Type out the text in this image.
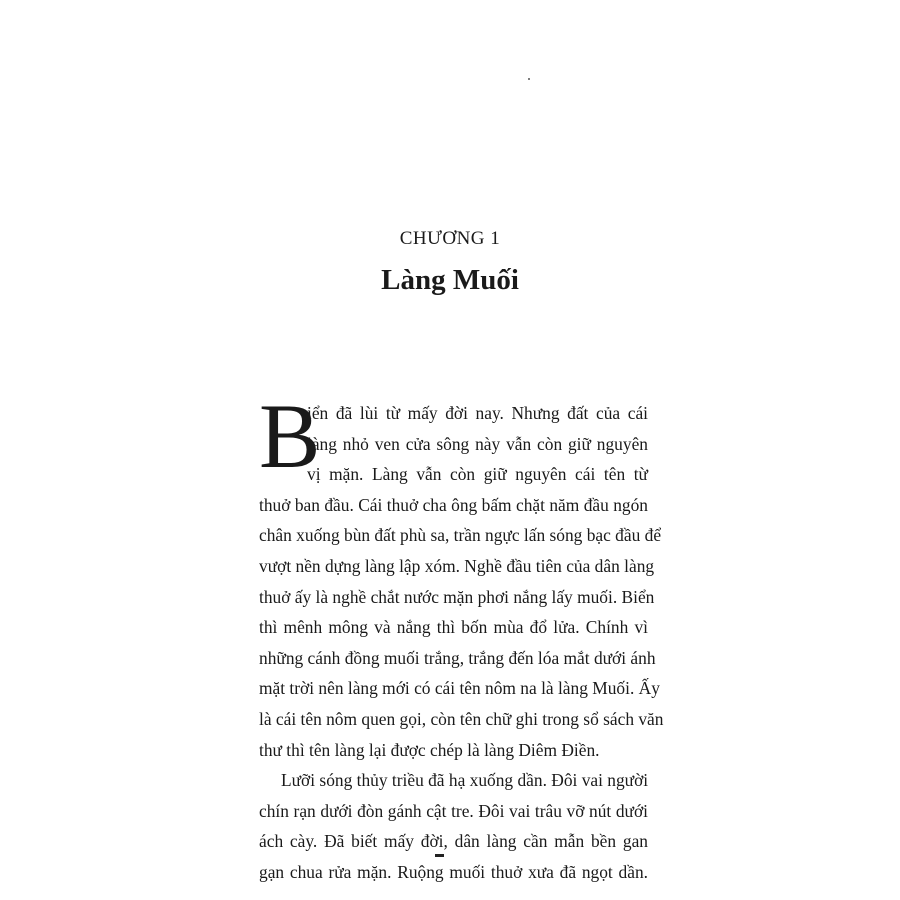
CHƯƠNG 1
Làng Muối
B
iển đã lùi từ mấy đời nay. Nhưng đất của cái
làng nhỏ ven cửa sông này vẫn còn giữ nguyên
vị mặn. Làng vẫn còn giữ nguyên cái tên từ
thuở ban đầu. Cái thuở cha ông bấm chặt năm đầu ngón
chân xuống bùn đất phù sa, trần ngực lấn sóng bạc đầu để
vượt nền dựng làng lập xóm. Nghề đầu tiên của dân làng
thuở ấy là nghề chắt nước mặn phơi nắng lấy muối. Biển
thì mênh mông và nắng thì bốn mùa đổ lửa. Chính vì
những cánh đồng muối trắng, trắng đến lóa mắt dưới ánh
mặt trời nên làng mới có cái tên nôm na là làng Muối. Ấy
là cái tên nôm quen gọi, còn tên chữ ghi trong sổ sách văn
thư thì tên làng lại được chép là làng Diêm Điền.
Lưỡi sóng thủy triều đã hạ xuống dần. Đôi vai người
chín rạn dưới đòn gánh cật tre. Đôi vai trâu vỡ nút dưới
ách cày. Đã biết mấy đời, dân làng cần mẫn bền gan
gạn chua rửa mặn. Ruộng muối thuở xưa đã ngọt dần.
